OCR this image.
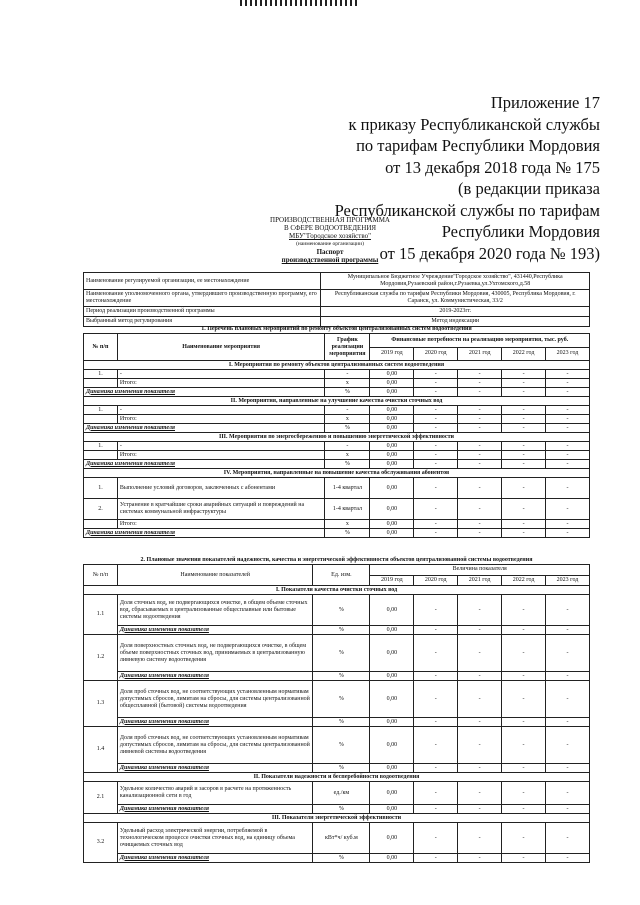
Приложение 17
к приказу Республиканской службы
по тарифам Республики Мордовия
от 13 декабря 2018 года № 175
(в редакции приказа
Республиканской службы по тарифам
Республики Мордовия
от 15 декабря 2020 года № 193)
ПРОИЗВОДСТВЕННАЯ ПРОГРАММА
В СФЕРЕ ВОДООТВЕДЕНИЯ
МБУ"Городское хозяйство"
(наименование организации)
Паспорт
производственной программы
Наименование регулируемой организации, ее местонахождение	Муниципальное Бюджетное Учреждение"Городское хозяйство", 431440,Республика Мордовия,Рузаевский район,г.Рузаевка,ул.Ухтомского,д.58
Наименование уполномоченного органа, утвердившего производственную программу, его местонахождение	Республиканская служба по тарифам Республики Мордовия, 430005, Республика Мордовия, г. Саранск, ул. Коммунистическая, 33/2
Период реализации производственной программы	2019-2023гг.
Выбранный метод регулирования	Метод индексации
1. Перечень плановых мероприятий по ремонту объектов централизованных систем водоотведения							
№ п/п	Наименование мероприятия	График реализации мероприятия	Финансовые потребности на реализацию мероприятия, тыс. руб.				
			2019 год	2020 год	2021 год	2022 год	2023 год
I. Мероприятия по ремонту объектов централизованных систем водоотведения							
1.	-	-	0,00	-	-	-	-
	Итого:	х	0,00	-	-	-	-
Динамика изменения показателя		%	0,00	-	-	-	-
II. Мероприятия, направленные на улучшение качества очистки сточных вод							
1.	-	-	0,00	-	-	-	-
	Итого:	х	0,00	-	-	-	-
Динамика изменения показателя		%	0,00	-	-	-	-
III. Мероприятия по энергосбережению и повышению энергетической эффективности							
1.	-	-	0,00	-	-	-	-
	Итого:	х	0,00	-	-	-	-
Динамика изменения показателя		%	0,00	-	-	-	-
IV. Мероприятия, направленные на повышение качества обслуживания абонентов							
1.	Выполнение условий договоров, заключенных с абонентами	1-4 квартал	0,00	-	-	-	-
2.	Устранение в кратчайшие сроки аварийных ситуаций и повреждений на системах коммунальной инфраструктуры	1-4 квартал	0,00	-	-	-	-
	Итого:	х	0,00	-	-	-	-
Динамика изменения показателя		%	0,00	-	-	-	-
2. Плановые значения показателей надежности, качества и энергетической эффективности объектов централизованной системы водоотведения							
№ п/п	Наименование показателей	Ед. изм.	Величина показателя				
			2019 год	2020 год	2021 год	2022 год	2023 год
I. Показатели качества очистки сточных вод							
1.1	Доля сточных вод, не подвергающихся очистке, в общем объеме сточных вод, сбрасываемых в централизованные общесплавные или бытовые системы водоотведения	%	0,00	-	-	-	-
	Динамика изменения показателя	%	0,00	-	-	-	-
1.2	Доля поверхностных сточных вод, не подвергающихся очистке, в общем объеме поверхностных сточных вод, принимаемых в централизованную ливневую систему водоотведения	%	0,00	-	-	-	-
	Динамика изменения показателя	%	0,00	-	-	-	-
1.3	Доля проб сточных вод, не соответствующих установленным нормативам допустимых сбросов, лимитам на сбросы, для системы централизованной общесплавной (бытовой) системы водоотведения	%	0,00	-	-	-	-
	Динамика изменения показателя	%	0,00	-	-	-	-
1.4	Доля проб сточных вод, не соответствующих установленным нормативам допустимых сбросов, лимитам на сбросы, для системы централизованной ливневой системы водоотведения	%	0,00	-	-	-	-
	Динамика изменения показателя	%	0,00	-	-	-	-
II. Показатели надежности и бесперебойности водоотведения							
2.1	Удельное количество аварий и засоров в расчете на протяженность канализационной сети в год	ед./км	0,00	-	-	-	-
	Динамика изменения показателя	%	0,00	-	-	-	-
III. Показатели энергетической эффективности							
3.2	Удельный расход электрической энергии, потребляемой в технологическом процессе очистки сточных вод, на единицу объема очищаемых сточных вод	кВт*ч/ куб.м	0,00	-	-	-	-
	Динамика изменения показателя	%	0,00	-	-	-	-
